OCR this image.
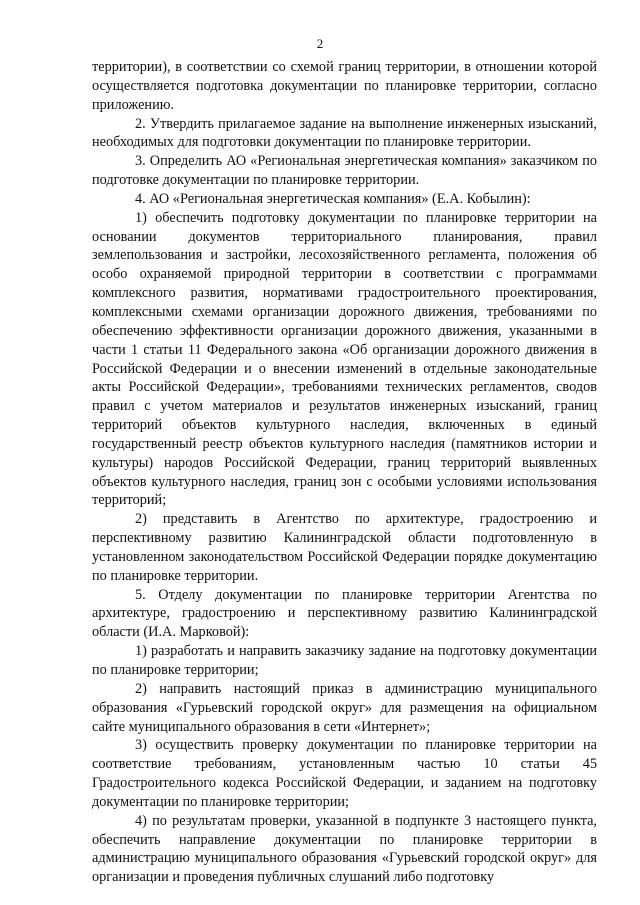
2

территории), в соответствии со схемой границ территории, в отношении которой осуществляется подготовка документации по планировке территории, согласно приложению.

2. Утвердить прилагаемое задание на выполнение инженерных изысканий, необходимых для подготовки документации по планировке территории.

3. Определить АО «Региональная энергетическая компания» заказчиком по подготовке документации по планировке территории.

4. АО «Региональная энергетическая компания» (Е.А. Кобылин):

1) обеспечить подготовку документации по планировке территории на основании документов территориального планирования, правил землепользования и застройки, лесохозяйственного регламента, положения об особо охраняемой природной территории в соответствии с программами комплексного развития, нормативами градостроительного проектирования, комплексными схемами организации дорожного движения, требованиями по обеспечению эффективности организации дорожного движения, указанными в части 1 статьи 11 Федерального закона «Об организации дорожного движения в Российской Федерации и о внесении изменений в отдельные законодательные акты Российской Федерации», требованиями технических регламентов, сводов правил с учетом материалов и результатов инженерных изысканий, границ территорий объектов культурного наследия, включенных в единый государственный реестр объектов культурного наследия (памятников истории и культуры) народов Российской Федерации, границ территорий выявленных объектов культурного наследия, границ зон с особыми условиями использования территорий;

2) представить в Агентство по архитектуре, градостроению и перспективному развитию Калининградской области подготовленную в установленном законодательством Российской Федерации порядке документацию по планировке территории.

5. Отделу документации по планировке территории Агентства по архитектуре, градостроению и перспективному развитию Калининградской области (И.А. Марковой):

1) разработать и направить заказчику задание на подготовку документации по планировке территории;

2) направить настоящий приказ в администрацию муниципального образования «Гурьевский городской округ» для размещения на официальном сайте муниципального образования в сети «Интернет»;

3) осуществить проверку документации по планировке территории на соответствие требованиям, установленным частью 10 статьи 45 Градостроительного кодекса Российской Федерации, и заданием на подготовку документации по планировке территории;

4) по результатам проверки, указанной в подпункте 3 настоящего пункта, обеспечить направление документации по планировке территории в администрацию муниципального образования «Гурьевский городской округ» для организации и проведения публичных слушаний либо подготовку
